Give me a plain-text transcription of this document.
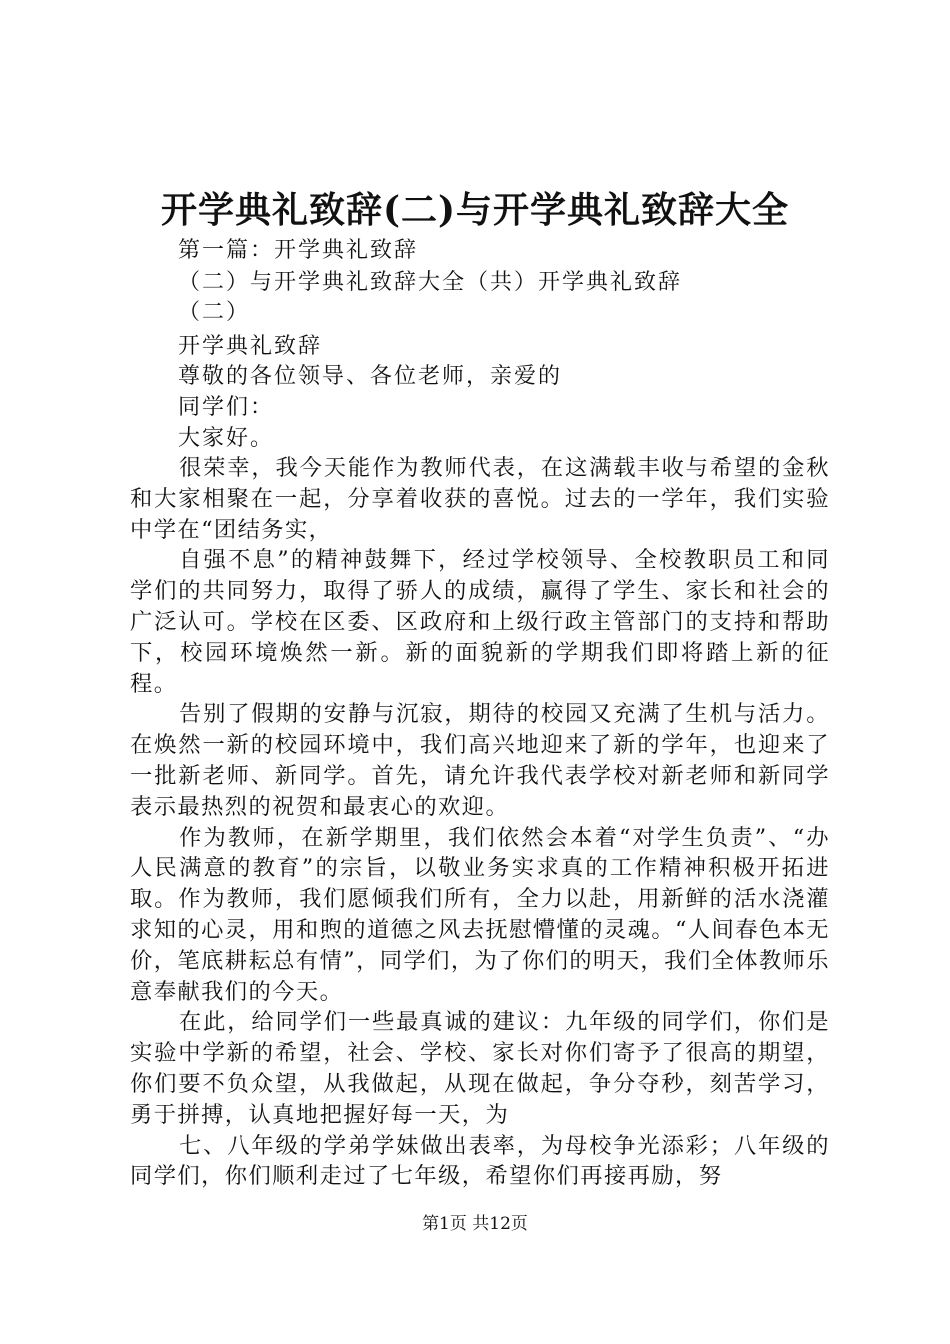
开学典礼致辞(二)与开学典礼致辞大全
第一篇：开学典礼致辞
（二）与开学典礼致辞大全（共）开学典礼致辞
（二）
开学典礼致辞
尊敬的各位领导、各位老师，亲爱的
同学们：
大家好。

很荣幸，我今天能作为教师代表，在这满载丰收与希望的金秋和大家相聚在一起，分享着收获的喜悦。过去的一学年，我们实验中学在“团结务实，

自强不息”的精神鼓舞下，经过学校领导、全校教职员工和同学们的共同努力，取得了骄人的成绩，赢得了学生、家长和社会的广泛认可。学校在区委、区政府和上级行政主管部门的支持和帮助下，校园环境焕然一新。新的面貌新的学期我们即将踏上新的征程。

告别了假期的安静与沉寂，期待的校园又充满了生机与活力。在焕然一新的校园环境中，我们高兴地迎来了新的学年，也迎来了一批新老师、新同学。首先，请允许我代表学校对新老师和新同学表示最热烈的祝贺和最衷心的欢迎。

作为教师，在新学期里，我们依然会本着“对学生负责”、“办人民满意的教育”的宗旨，以敬业务实求真的工作精神积极开拓进取。作为教师，我们愿倾我们所有，全力以赴，用新鲜的活水浇灌求知的心灵，用和煦的道德之风去抚慰懵懂的灵魂。“人间春色本无价，笔底耕耘总有情”，同学们，为了你们的明天，我们全体教师乐意奉献我们的今天。

在此，给同学们一些最真诚的建议：九年级的同学们，你们是实验中学新的希望，社会、学校、家长对你们寄予了很高的期望，你们要不负众望，从我做起，从现在做起，争分夺秒，刻苦学习，勇于拼搏，认真地把握好每一天，为

七、八年级的学弟学妹做出表率，为母校争光添彩；八年级的同学们，你们顺利走过了七年级，希望你们再接再励，努

第1页 共12页
